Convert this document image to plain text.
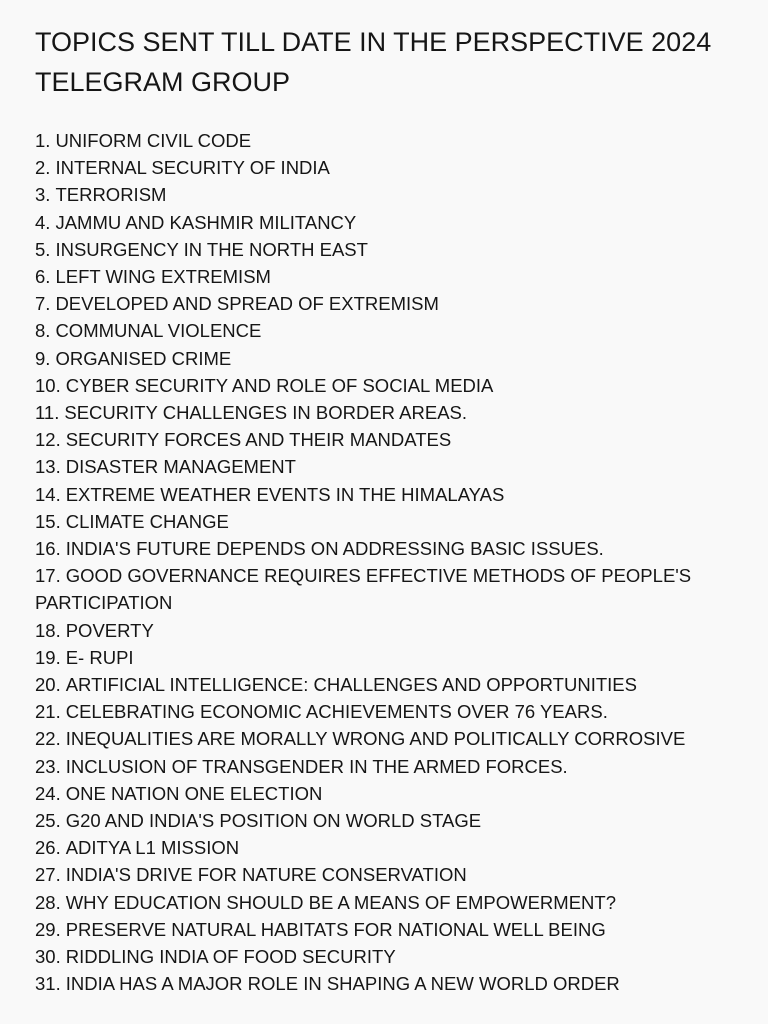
TOPICS SENT TILL DATE IN THE PERSPECTIVE 2024 TELEGRAM GROUP
1. UNIFORM CIVIL CODE
2. INTERNAL SECURITY OF INDIA
3. TERRORISM
4. JAMMU AND KASHMIR MILITANCY
5. INSURGENCY IN THE NORTH EAST
6. LEFT WING EXTREMISM
7. DEVELOPED AND SPREAD OF EXTREMISM
8. COMMUNAL VIOLENCE
9. ORGANISED CRIME
10. CYBER SECURITY AND ROLE OF SOCIAL MEDIA
11. SECURITY CHALLENGES IN BORDER AREAS.
12. SECURITY FORCES AND THEIR MANDATES
13. DISASTER MANAGEMENT
14. EXTREME WEATHER EVENTS IN THE HIMALAYAS
15. CLIMATE CHANGE
16. INDIA'S FUTURE DEPENDS ON ADDRESSING BASIC ISSUES.
17. GOOD GOVERNANCE REQUIRES EFFECTIVE METHODS OF PEOPLE'S PARTICIPATION
18. POVERTY
19. E- RUPI
20. ARTIFICIAL INTELLIGENCE: CHALLENGES AND OPPORTUNITIES
21. CELEBRATING ECONOMIC ACHIEVEMENTS OVER 76 YEARS.
22. INEQUALITIES ARE MORALLY WRONG AND POLITICALLY CORROSIVE
23. INCLUSION OF TRANSGENDER IN THE ARMED FORCES.
24. ONE NATION ONE ELECTION
25. G20 AND INDIA'S POSITION ON WORLD STAGE
26. ADITYA L1 MISSION
27. INDIA'S DRIVE FOR NATURE CONSERVATION
28. WHY EDUCATION SHOULD BE A MEANS OF EMPOWERMENT?
29. PRESERVE NATURAL HABITATS FOR NATIONAL WELL BEING
30. RIDDLING INDIA OF FOOD SECURITY
31. INDIA HAS A MAJOR ROLE IN SHAPING A NEW WORLD ORDER
